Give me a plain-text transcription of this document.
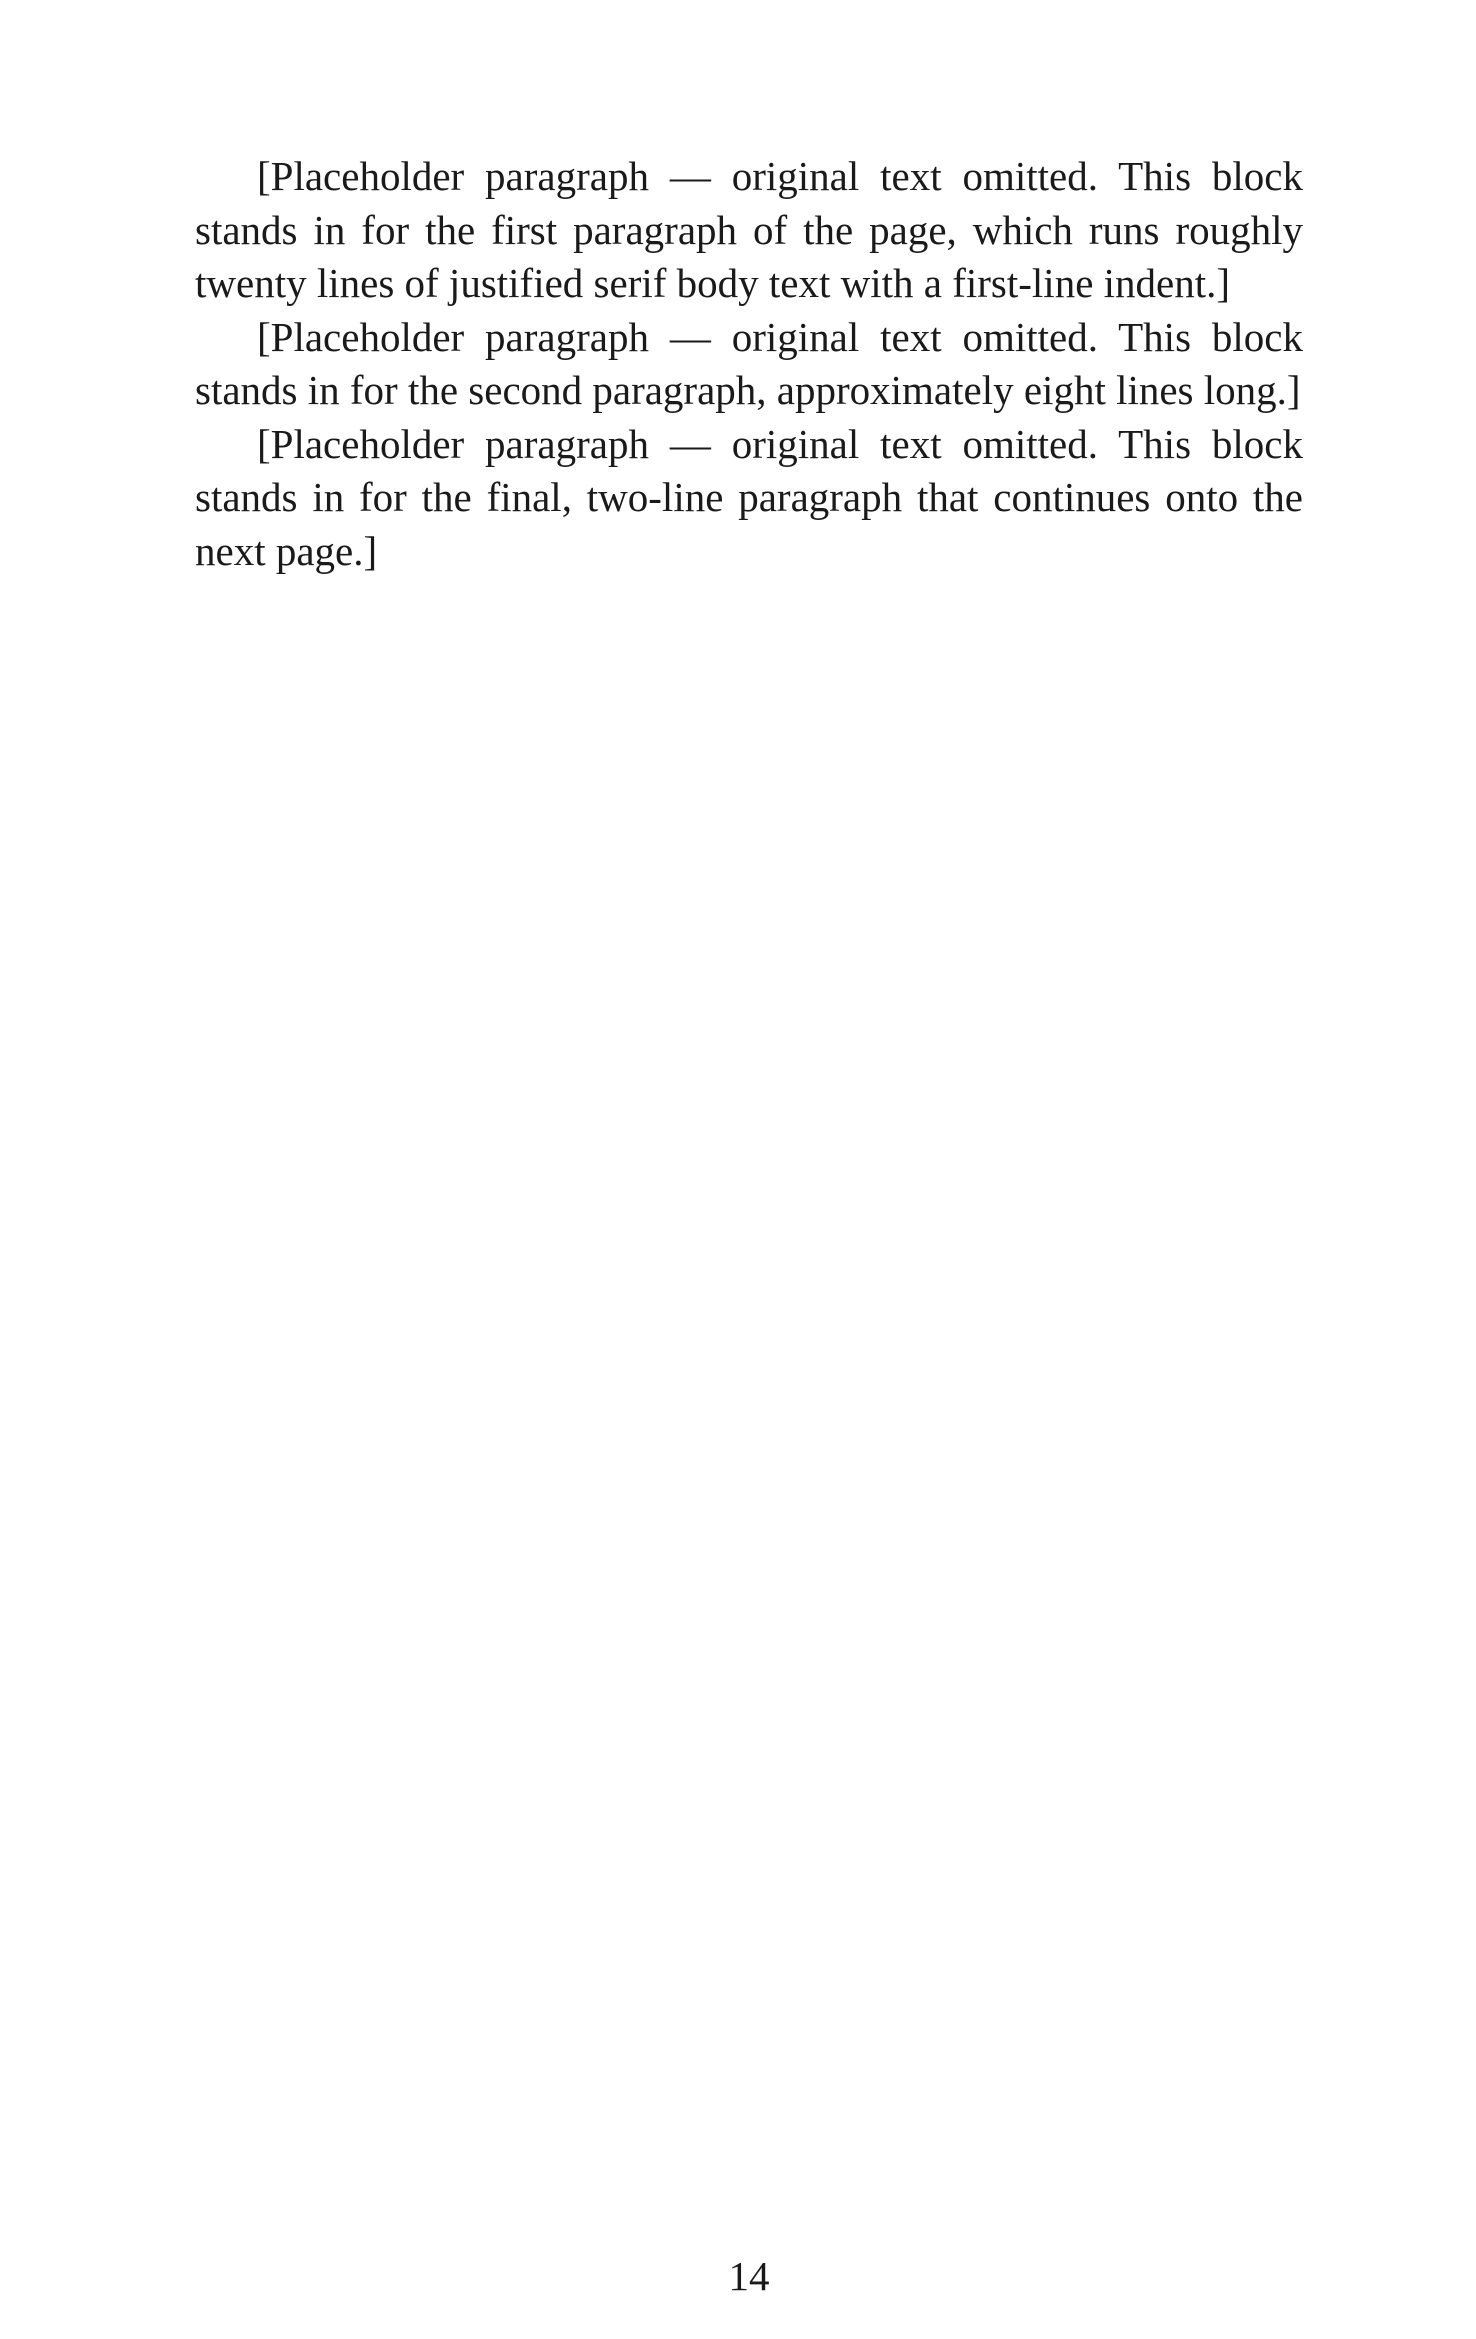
[Placeholder paragraph — original text omitted. This block stands in for the first paragraph of the page, which runs roughly twenty lines of justified serif body text with a first-line indent.]

[Placeholder paragraph — original text omitted. This block stands in for the second paragraph, approximately eight lines long.]

[Placeholder paragraph — original text omitted. This block stands in for the final, two-line paragraph that continues onto the next page.]

14
